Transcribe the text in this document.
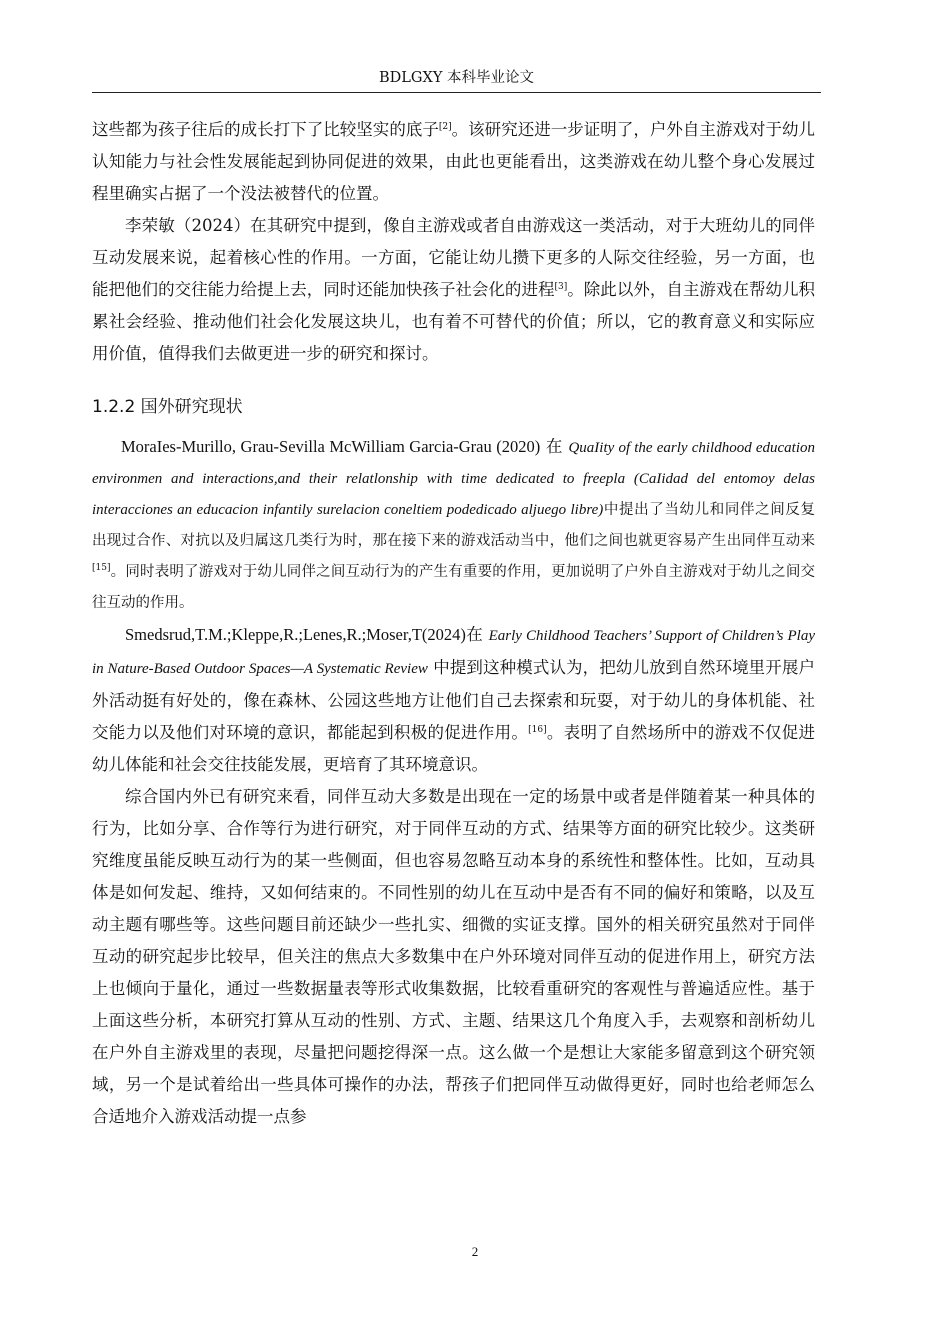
BDLGXY 本科毕业论文

这些都为孩子往后的成长打下了比较坚实的底子[2]。该研究还进一步证明了，户外自主游戏对于幼儿认知能力与社会性发展能起到协同促进的效果，由此也更能看出，这类游戏在幼儿整个身心发展过程里确实占据了一个没法被替代的位置。

李荣敏（2024）在其研究中提到，像自主游戏或者自由游戏这一类活动，对于大班幼儿的同伴互动发展来说，起着核心性的作用。一方面，它能让幼儿攒下更多的人际交往经验，另一方面，也能把他们的交往能力给提上去，同时还能加快孩子社会化的进程[3]。除此以外，自主游戏在帮幼儿积累社会经验、推动他们社会化发展这块儿，也有着不可替代的价值；所以，它的教育意义和实际应用价值，值得我们去做更进一步的研究和探讨。

1.2.2 国外研究现状

MoraIes-Murillo, Grau-Sevilla McWilliam Garcia-Grau (2020) 在 QuaIity of the early childhood education environmen and interactions,and their relatlonship with time dedicated to freepla (CaIidad del entomoy delas interacciones an educacion infantily surelacion coneltiem podedicado aljuego libre)中提出了当幼儿和同伴之间反复出现过合作、对抗以及归属这几类行为时，那在接下来的游戏活动当中，他们之间也就更容易产生出同伴互动来[15]。同时表明了游戏对于幼儿同伴之间互动行为的产生有重要的作用，更加说明了户外自主游戏对于幼儿之间交往互动的作用。

Smedsrud,T.M.;Kleppe,R.;Lenes,R.;Moser,T(2024)在 Early Childhood Teachers’ Support of Children’s Play in Nature-Based Outdoor Spaces—A Systematic Review 中提到这种模式认为，把幼儿放到自然环境里开展户外活动挺有好处的，像在森林、公园这些地方让他们自己去探索和玩耍，对于幼儿的身体机能、社交能力以及他们对环境的意识，都能起到积极的促进作用。[16]。表明了自然场所中的游戏不仅促进幼儿体能和社会交往技能发展，更培育了其环境意识。

综合国内外已有研究来看，同伴互动大多数是出现在一定的场景中或者是伴随着某一种具体的行为，比如分享、合作等行为进行研究，对于同伴互动的方式、结果等方面的研究比较少。这类研究维度虽能反映互动行为的某一些侧面，但也容易忽略互动本身的系统性和整体性。比如，互动具体是如何发起、维持，又如何结束的。不同性别的幼儿在互动中是否有不同的偏好和策略，以及互动主题有哪些等。这些问题目前还缺少一些扎实、细微的实证支撑。国外的相关研究虽然对于同伴互动的研究起步比较早，但关注的焦点大多数集中在户外环境对同伴互动的促进作用上，研究方法上也倾向于量化，通过一些数据量表等形式收集数据，比较看重研究的客观性与普遍适应性。基于上面这些分析，本研究打算从互动的性别、方式、主题、结果这几个角度入手，去观察和剖析幼儿在户外自主游戏里的表现，尽量把问题挖得深一点。这么做一个是想让大家能多留意到这个研究领域，另一个是试着给出一些具体可操作的办法，帮孩子们把同伴互动做得更好，同时也给老师怎么合适地介入游戏活动提一点参

2
